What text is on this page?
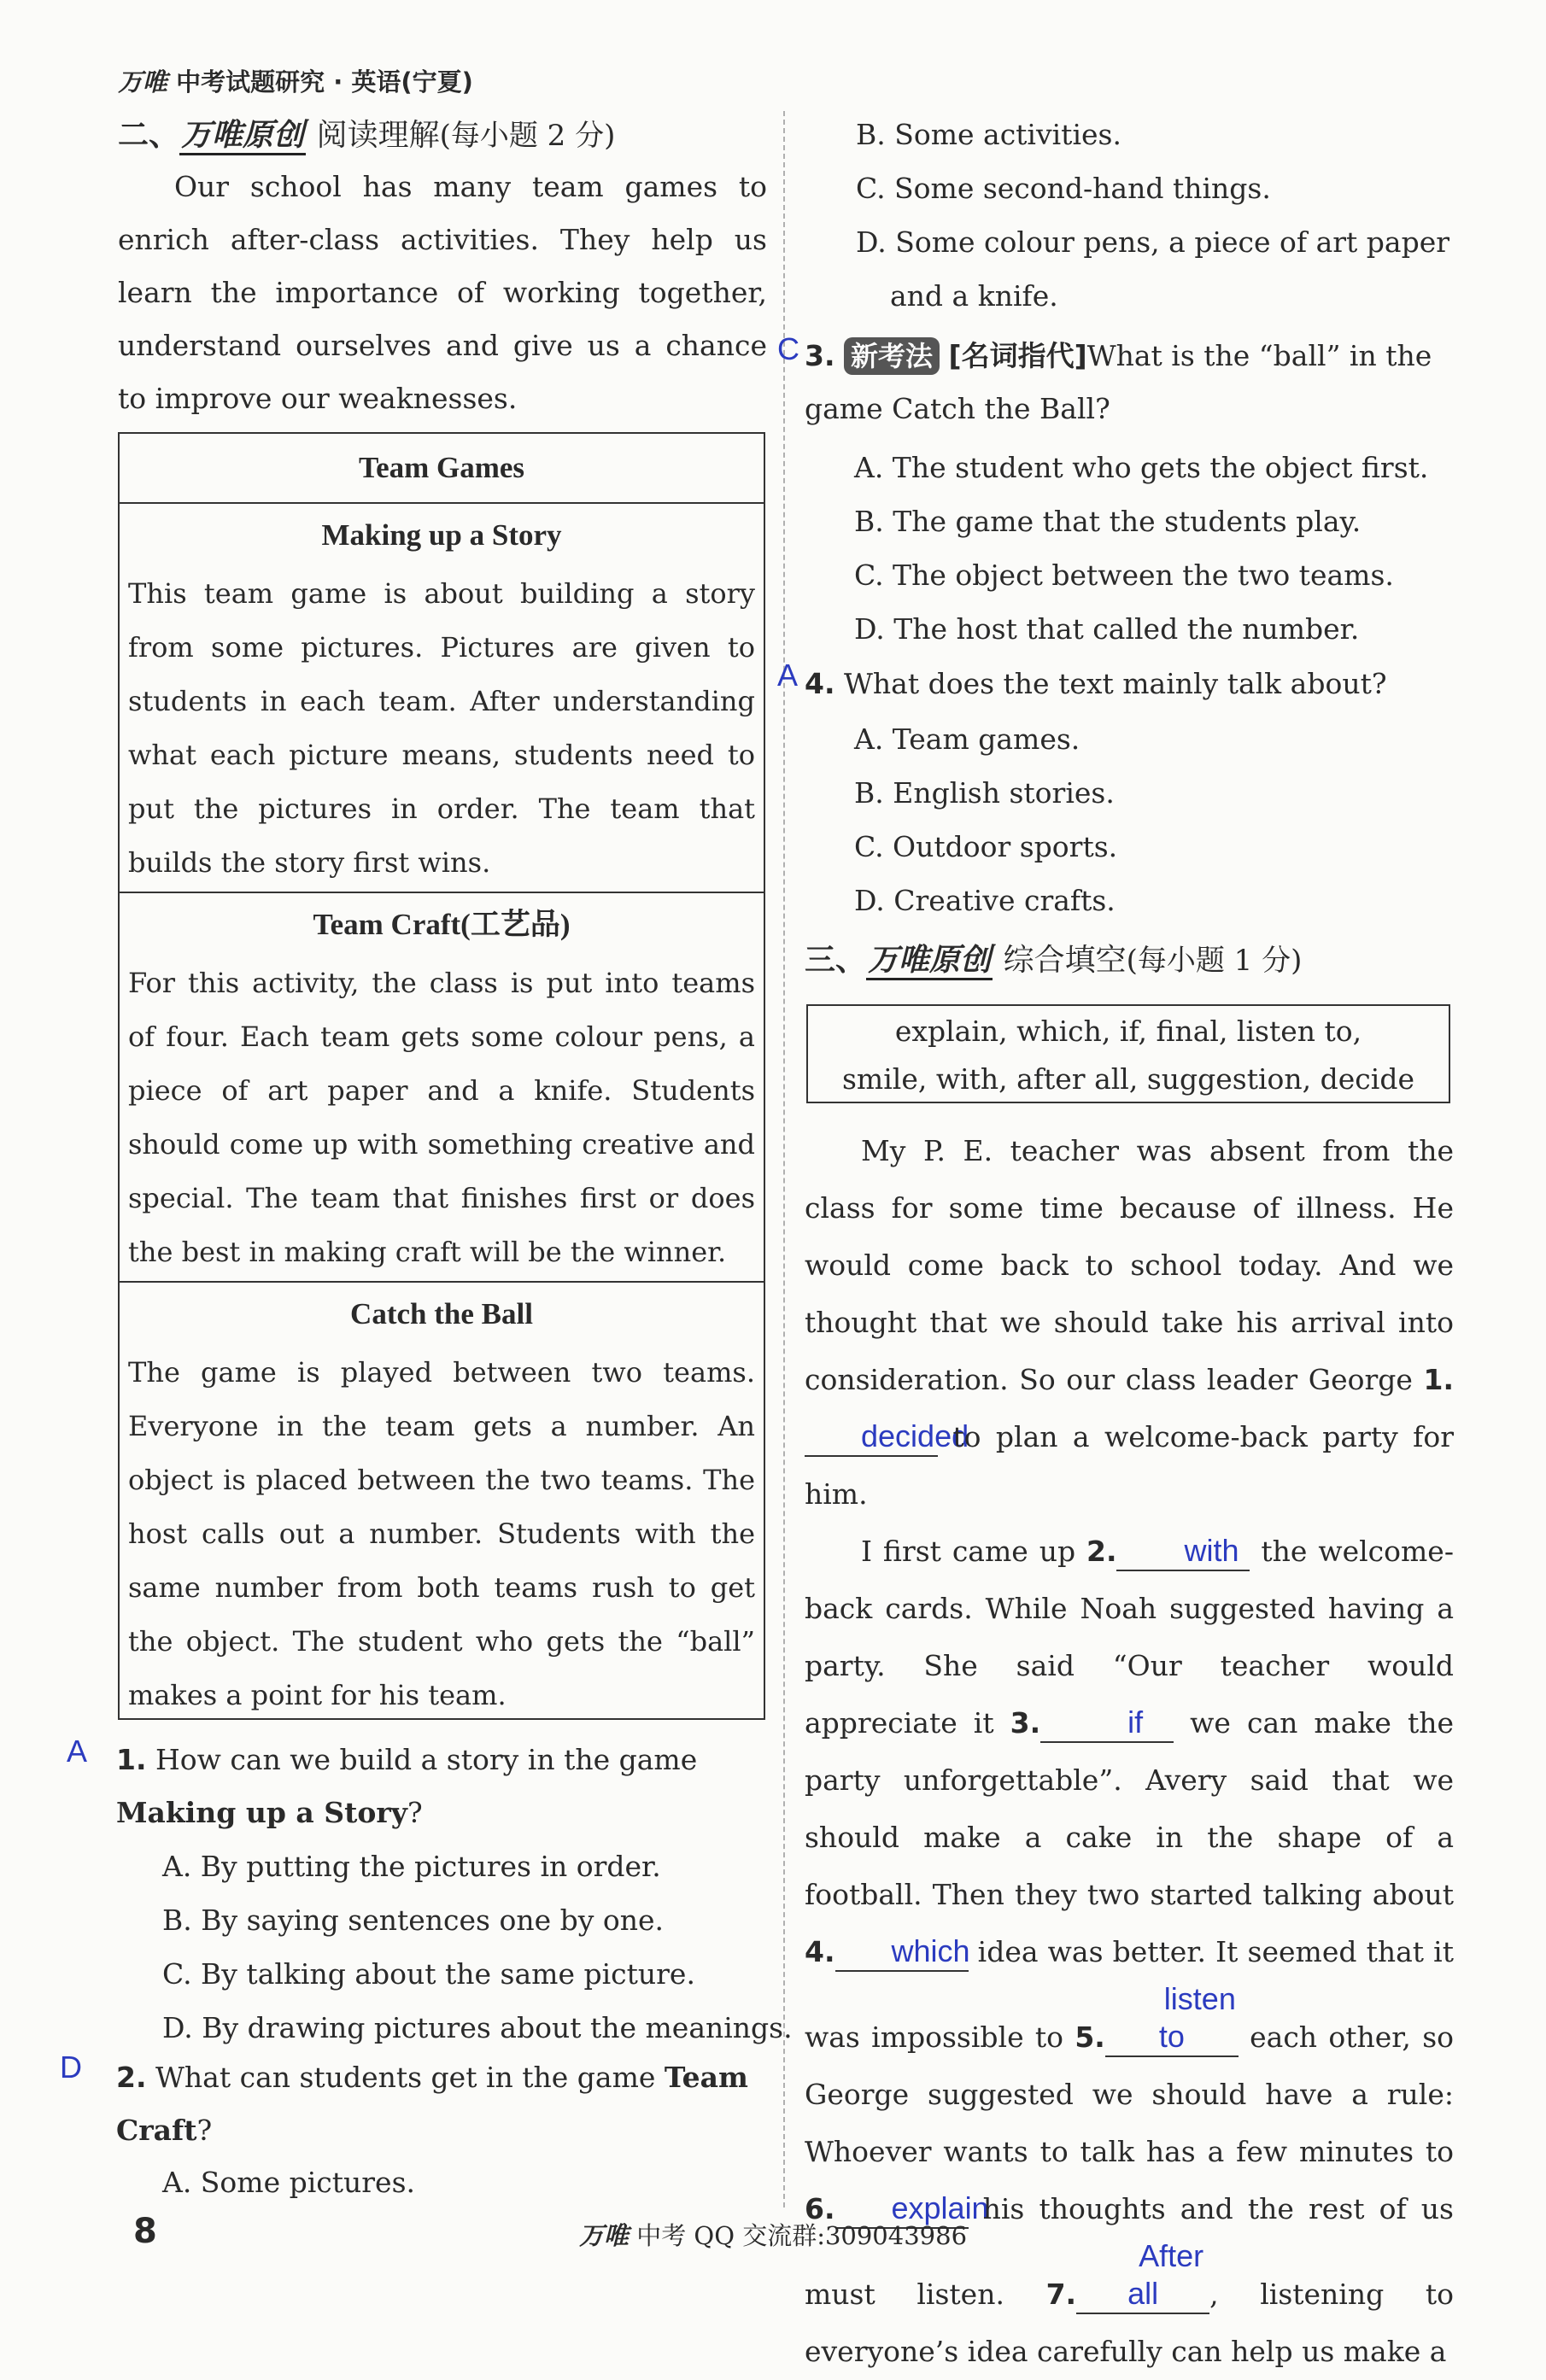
万唯 中考试题研究 · 英语(宁夏)
二、万唯原创 阅读理解(每小题 2 分)
Our school has many team games to enrich after-class activities. They help us learn the importance of working together, understand ourselves and give us a chance to improve our weaknesses.
Team Games
Making up a Story
This team game is about building a story from some pictures. Pictures are given to students in each team. After understanding what each picture means, students need to put the pictures in order. The team that builds the story first wins.
Team Craft(工艺品)
For this activity, the class is put into teams of four. Each team gets some colour pens, a piece of art paper and a knife. Students should come up with something creative and special. The team that finishes first or does the best in making craft will be the winner.
Catch the Ball
The game is played between two teams. Everyone in the team gets a number. An object is placed between the two teams. The host calls out a number. Students with the same number from both teams rush to get the object. The student who gets the “ball” makes a point for his team.
A 1. How can we build a story in the game Making up a Story?
A. By putting the pictures in order.
B. By saying sentences one by one.
C. By talking about the same picture.
D. By drawing pictures about the meanings.
D 2. What can students get in the game Team Craft?
A. Some pictures.
B. Some activities.
C. Some second-hand things.
D. Some colour pens, a piece of art paper and a knife.
C 3. 新考法 [名词指代]What is the “ball” in the game Catch the Ball?
A. The student who gets the object first.
B. The game that the students play.
C. The object between the two teams.
D. The host that called the number.
A 4. What does the text mainly talk about?
A. Team games.
B. English stories.
C. Outdoor sports.
D. Creative crafts.
三、万唯原创 综合填空(每小题 1 分)
explain, which, if, final, listen to,
smile, with, after all, suggestion, decide
My P. E. teacher was absent from the class for some time because of illness. He would come back to school today. And we thought that we should take his arrival into consideration. So our class leader George 1.decided to plan a welcome-back party for him.
I first came up 2. with the welcome-back cards. While Noah suggested having a party. She said “Our teacher would appreciate it 3.	if we can make the party unforgettable”. Avery said that we should make a cake in the shape of a football. Then they two started talking about 4. which idea was better. It seemed that it was impossible to 5.listen to each other, so George suggested we should have a rule: Whoever wants to talk has a few minutes to 6. explain his thoughts and the rest of us must listen. 7.After all , listening to everyone’s idea carefully can help us make a
8	万唯 中考 QQ 交流群:309043986
